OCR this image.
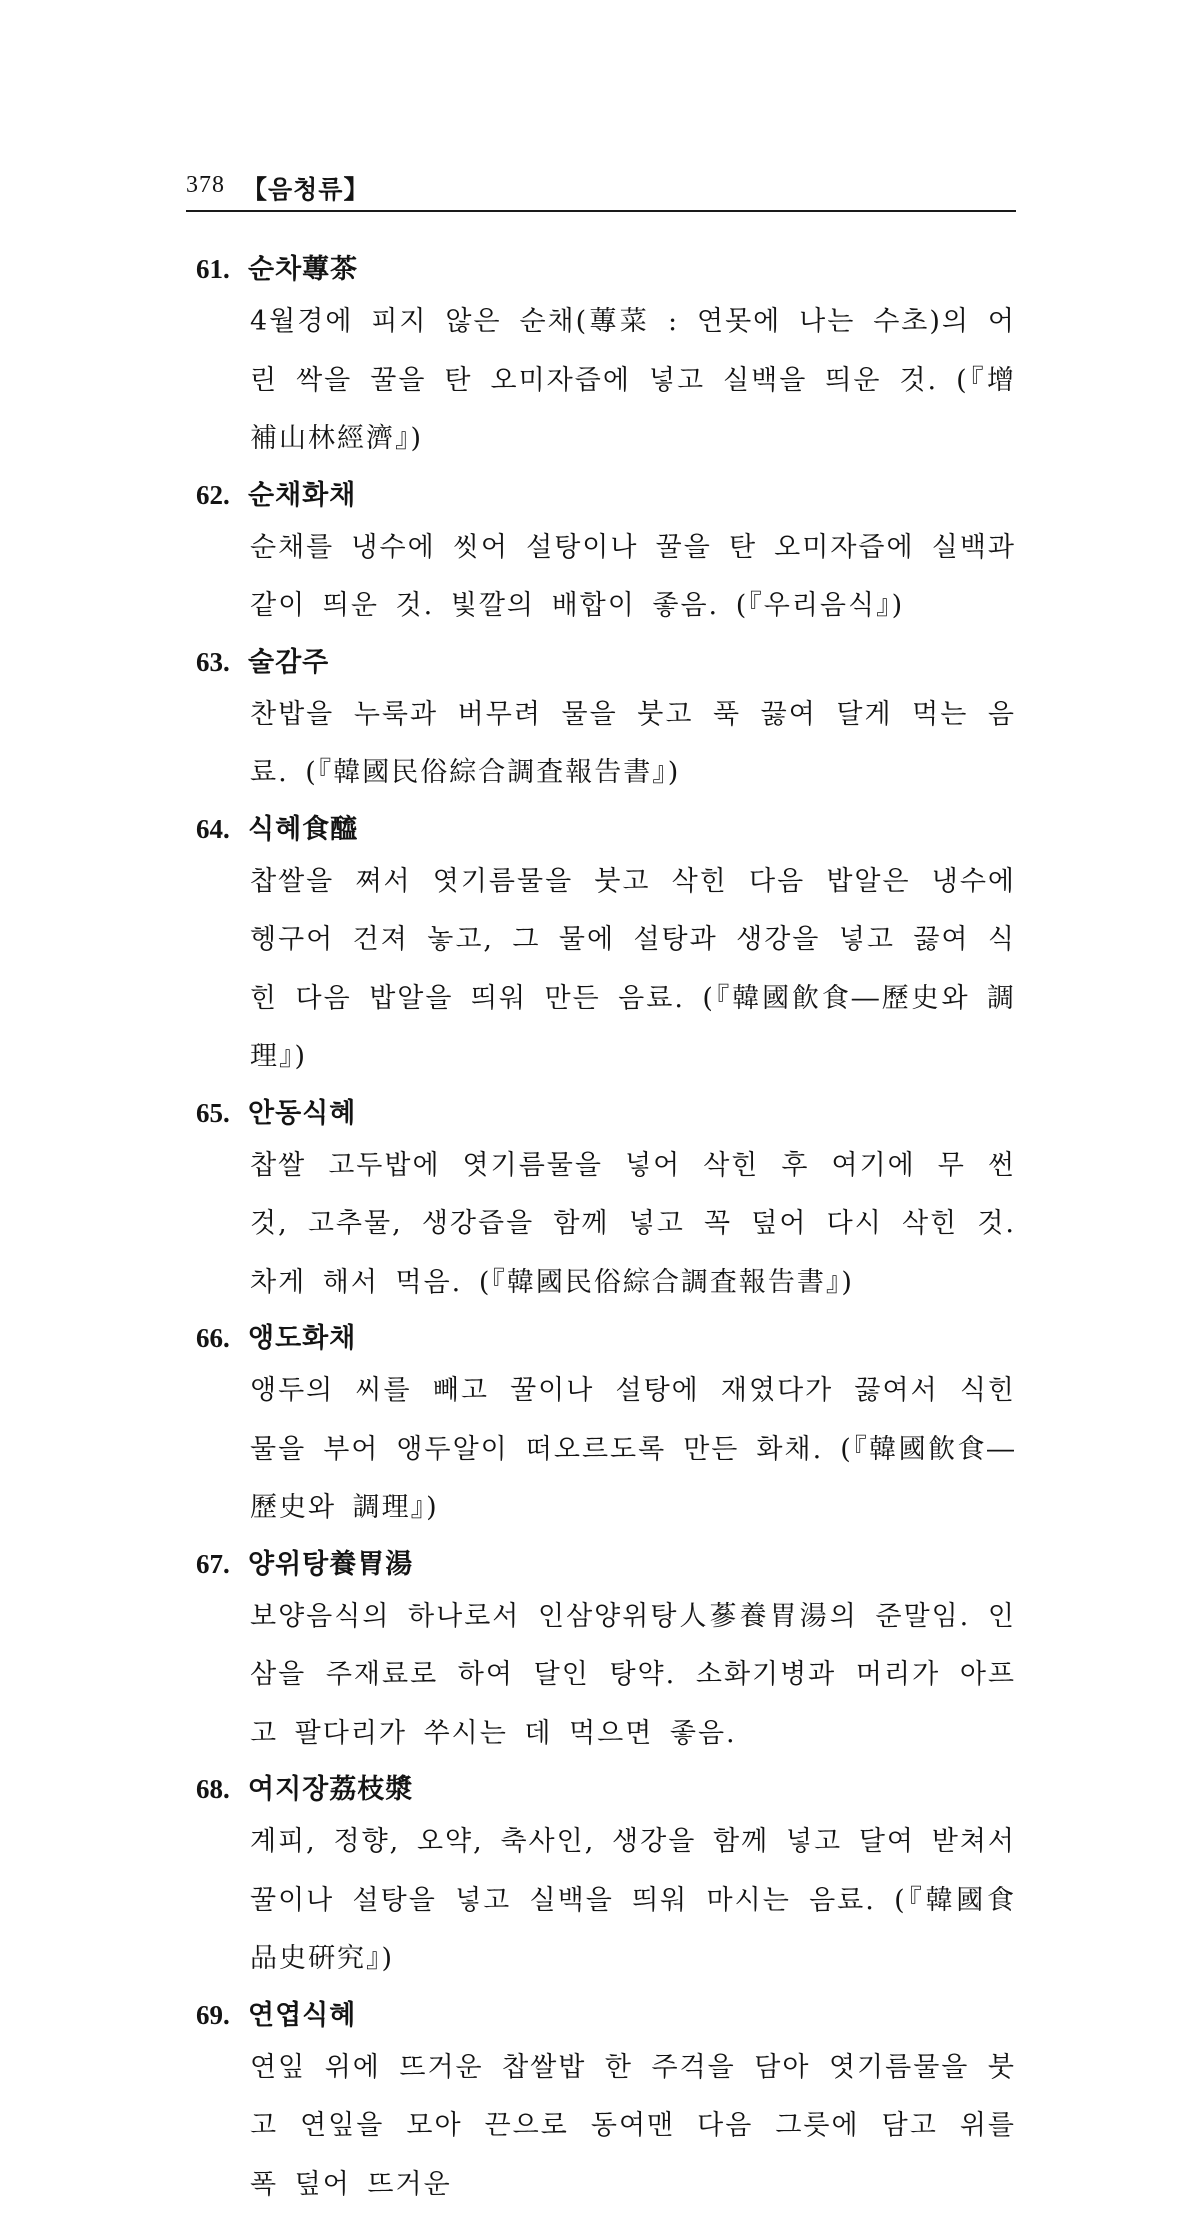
378 【음청류】
61. 순차蓴茶

4월경에 피지 않은 순채(蓴菜 : 연못에 나는 수초)의 어린 싹을 꿀을 탄 오미자즙에 넣고 실백을 띄운 것. (『增補山林經濟』)

62. 순채화채

순채를 냉수에 씻어 설탕이나 꿀을 탄 오미자즙에 실백과 같이 띄운 것. 빛깔의 배합이 좋음. (『우리음식』)

63. 술감주

찬밥을 누룩과 버무려 물을 붓고 푹 끓여 달게 먹는 음료. (『韓國民俗綜合調査報告書』)

64. 식혜食醯

찹쌀을 쪄서 엿기름물을 붓고 삭힌 다음 밥알은 냉수에 헹구어 건져 놓고, 그 물에 설탕과 생강을 넣고 끓여 식힌 다음 밥알을 띄워 만든 음료. (『韓國飮食―歷史와 調理』)

65. 안동식혜

찹쌀 고두밥에 엿기름물을 넣어 삭힌 후 여기에 무 썬 것, 고추물, 생강즙을 함께 넣고 꼭 덮어 다시 삭힌 것. 차게 해서 먹음. (『韓國民俗綜合調査報告書』)

66. 앵도화채

앵두의 씨를 빼고 꿀이나 설탕에 재였다가 끓여서 식힌 물을 부어 앵두알이 떠오르도록 만든 화채. (『韓國飮食―歷史와 調理』)

67. 양위탕養胃湯

보양음식의 하나로서 인삼양위탕人蔘養胃湯의 준말임. 인삼을 주재료로 하여 달인 탕약. 소화기병과 머리가 아프고 팔다리가 쑤시는 데 먹으면 좋음.

68. 여지장荔枝漿

계피, 정향, 오약, 축사인, 생강을 함께 넣고 달여 받쳐서 꿀이나 설탕을 넣고 실백을 띄워 마시는 음료. (『韓國食品史硏究』)

69. 연엽식혜

연잎 위에 뜨거운 찹쌀밥 한 주걱을 담아 엿기름물을 붓고 연잎을 모아 끈으로 동여맨 다음 그릇에 담고 위를 폭 덮어 뜨거운
